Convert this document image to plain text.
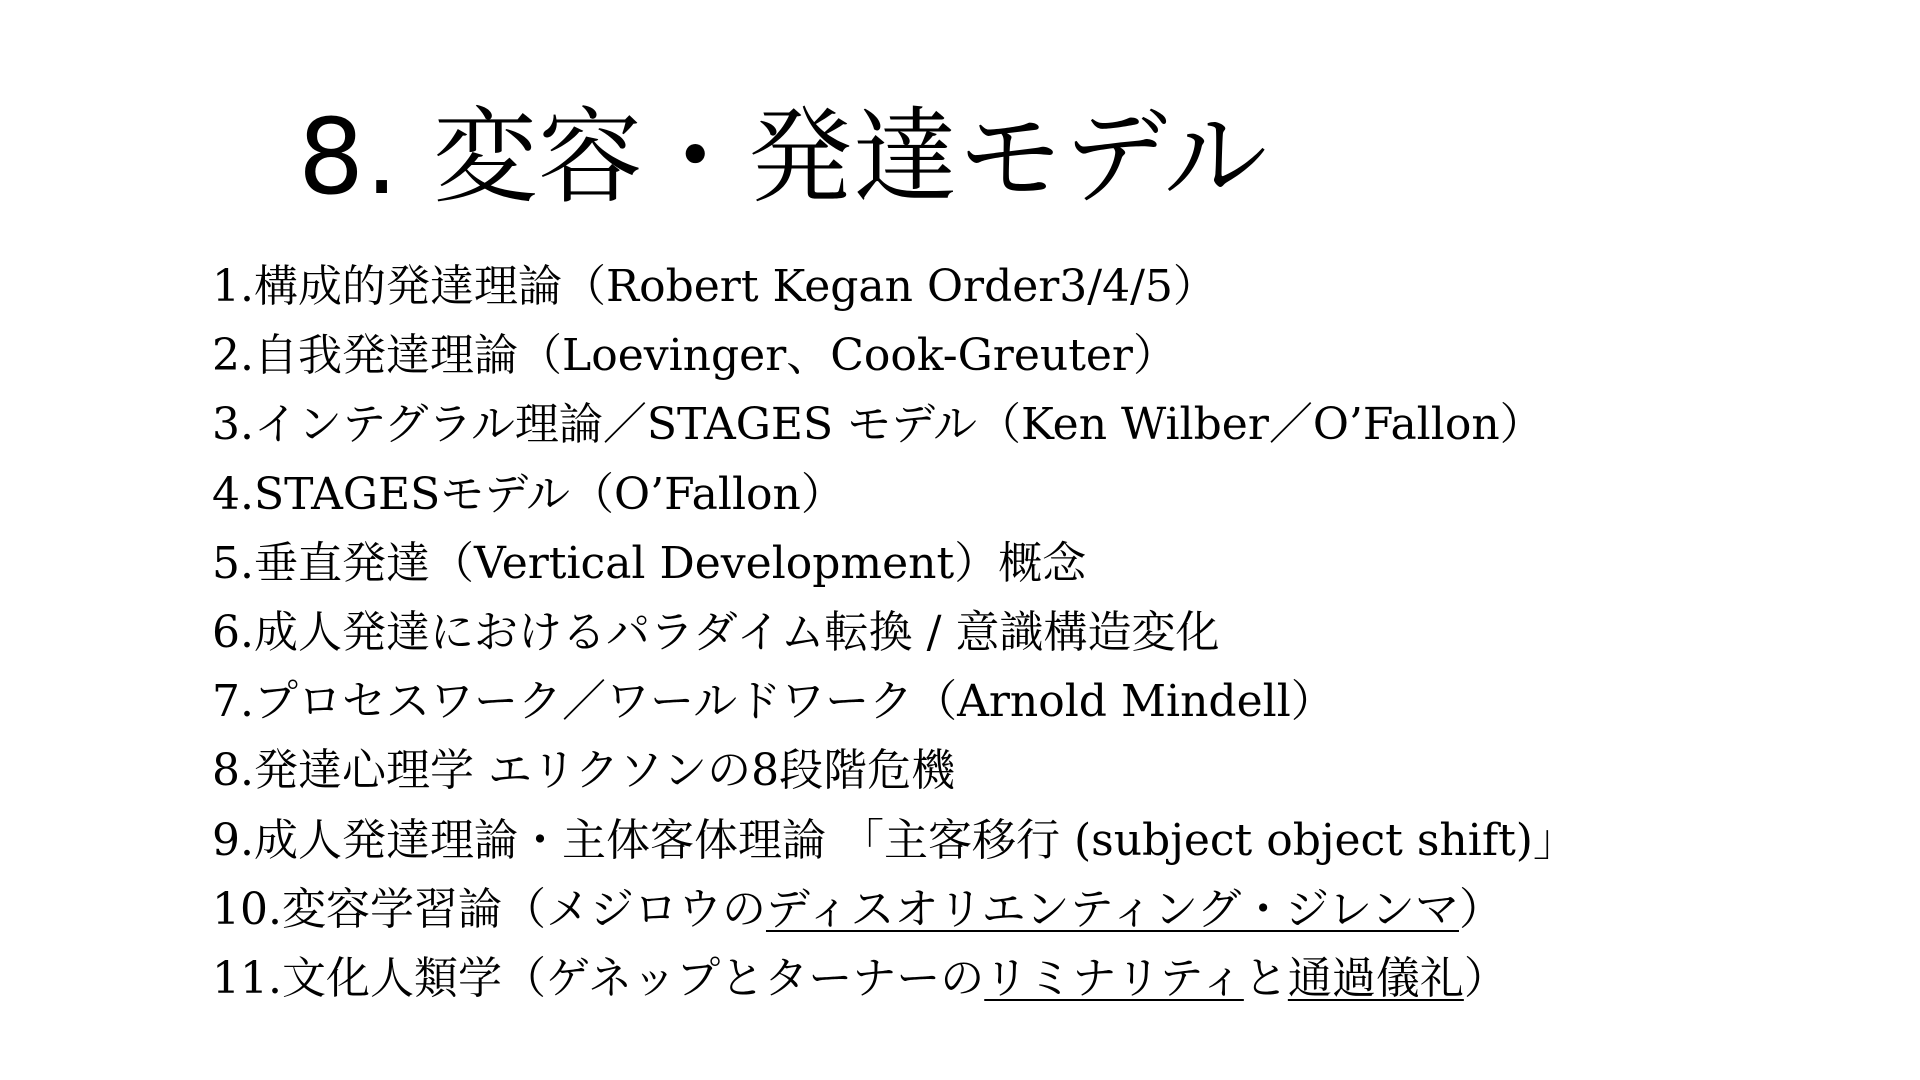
8. 変容・発達モデル
1.構成的発達理論（Robert Kegan Order3/4/5）
2.自我発達理論（Loevinger、Cook-Greuter）
3.インテグラル理論／STAGES モデル（Ken Wilber／O’Fallon）
4.STAGESモデル（O’Fallon）
5.垂直発達（Vertical Development）概念
6.成人発達におけるパラダイム転換 / 意識構造変化
7.プロセスワーク／ワールドワーク（Arnold Mindell）
8.発達心理学 エリクソンの8段階危機
9.成人発達理論・主体客体理論 「主客移行 (subject object shift)」
10.変容学習論（メジロウのディスオリエンティング・ジレンマ）
11.文化人類学（ゲネップとターナーのリミナリティと通過儀礼）
